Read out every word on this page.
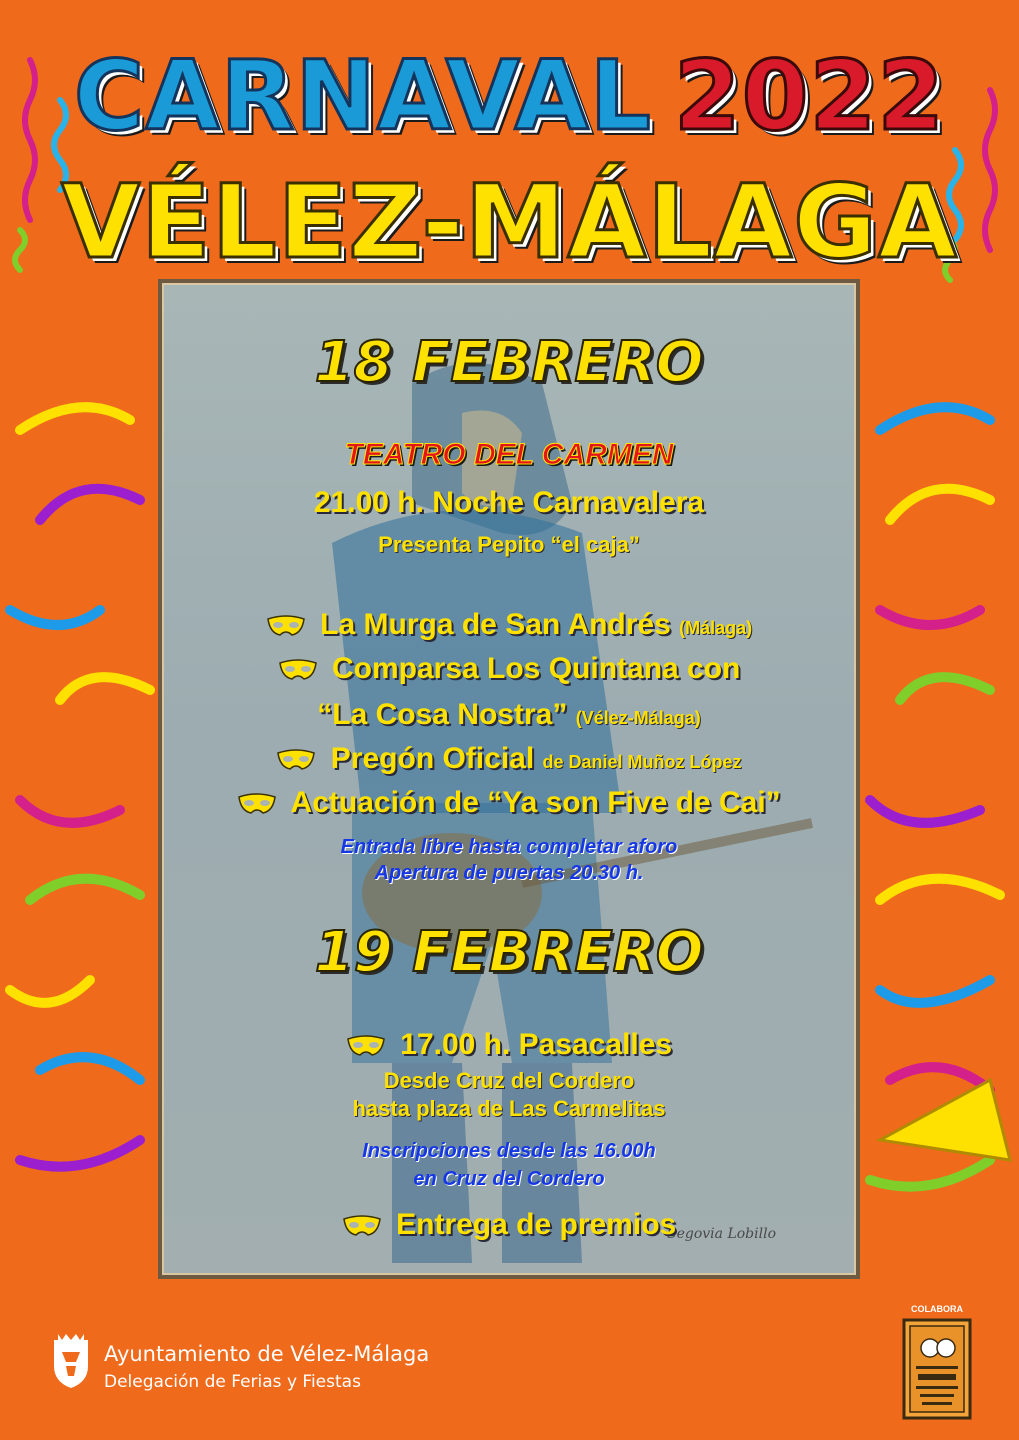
CARNAVAL 2022
VÉLEZ-MÁLAGA
Segovia Lobillo
18 FEBRERO
TEATRO DEL CARMEN
21.00 h. Noche Carnavalera
Presenta Pepito “el caja”
La Murga de San Andrés (Málaga)
Comparsa Los Quintana con
“La Cosa Nostra” (Vélez-Málaga)
Pregón Oficial de Daniel Muñoz López
Actuación de “Ya son Five de Cai”
Entrada libre hasta completar aforo
Apertura de puertas 20.30 h.
19 FEBRERO
17.00 h. Pasacalles
Desde Cruz del Cordero
hasta plaza de Las Carmelitas
Inscripciones desde las 16.00h
en Cruz del Cordero
Entrega de premios
Ayuntamiento de Vélez-Málaga
Delegación de Ferias y Fiestas
COLABORA
